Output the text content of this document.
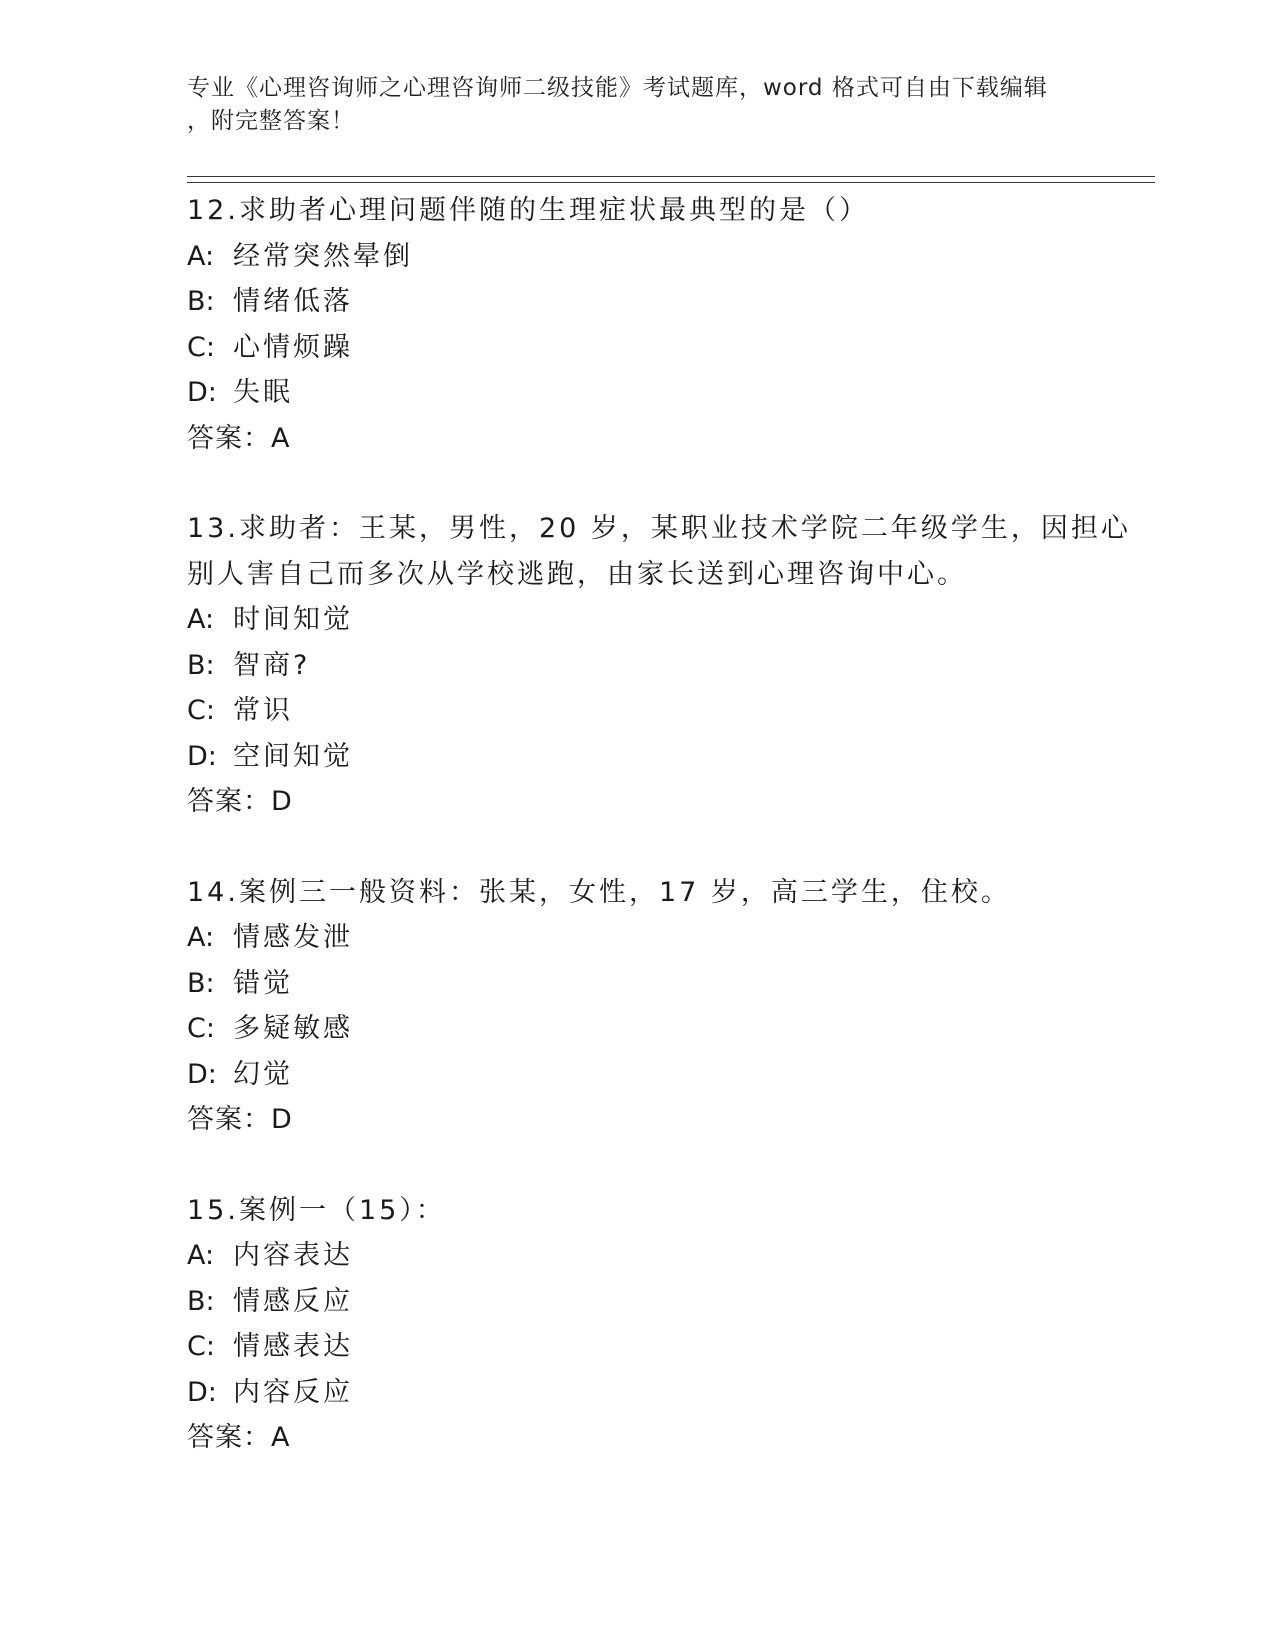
专业《心理咨询师之心理咨询师二级技能》考试题库，word 格式可自由下载编辑
，附完整答案！
12.求助者心理问题伴随的生理症状最典型的是（）
A: 经常突然晕倒
B: 情绪低落
C: 心情烦躁
D: 失眠
答案：A
13.求助者：王某，男性，20 岁，某职业技术学院二年级学生，因担心
别人害自己而多次从学校逃跑，由家长送到心理咨询中心。
A: 时间知觉
B: 智商?
C: 常识
D: 空间知觉
答案：D
14.案例三一般资料：张某，女性，17 岁，高三学生，住校。
A: 情感发泄
B: 错觉
C: 多疑敏感
D: 幻觉
答案：D
15.案例一（15）：
A: 内容表达
B: 情感反应
C: 情感表达
D: 内容反应
答案：A
